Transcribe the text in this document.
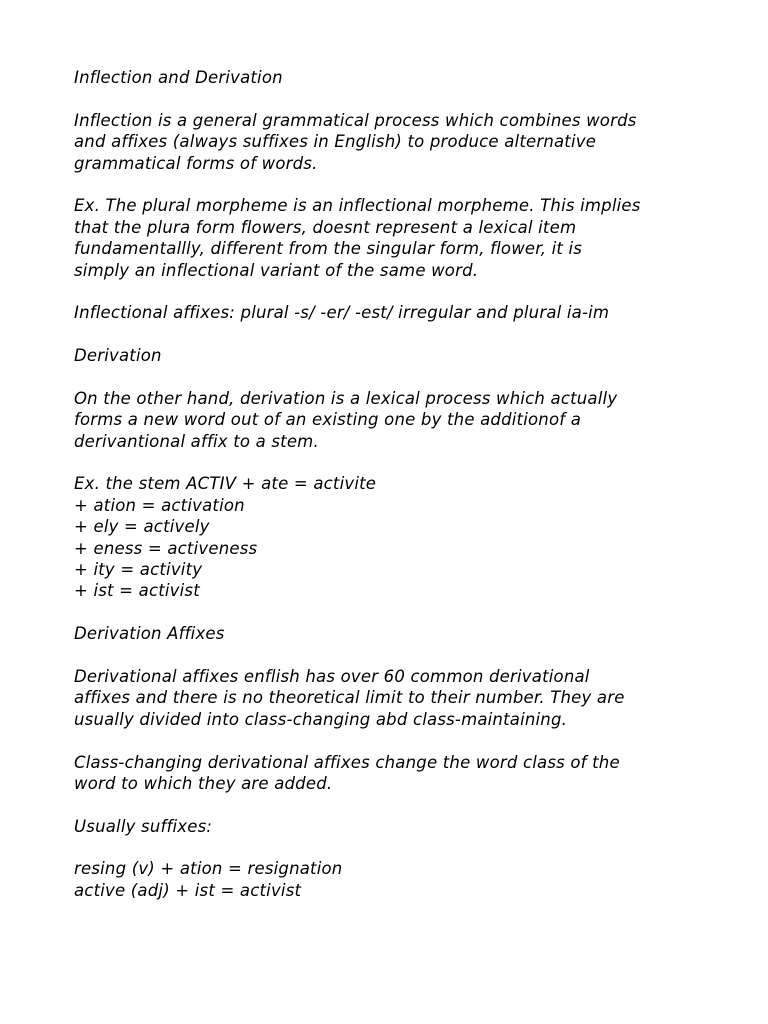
Inflection and Derivation
Inflection is a general grammatical process which combines words
and affixes (always suffixes in English) to produce alternative
grammatical forms of words.
Ex. The plural morpheme is an inflectional morpheme. This implies
that the plura form flowers, doesnt represent a lexical item
fundamentallly, different from the singular form, flower, it is
simply an inflectional variant of the same word.
Inflectional affixes: plural -s/ -er/ -est/ irregular and plural ia-im
Derivation
On the other hand, derivation is a lexical process which actually
forms a new word out of an existing one by the additionof a
derivantional affix to a stem.
Ex. the stem ACTIV + ate = activite
+ ation = activation
+ ely = actively
+ eness = activeness
+ ity = activity
+ ist = activist
Derivation Affixes
Derivational affixes enflish has over 60 common derivational
affixes and there is no theoretical limit to their number. They are
usually divided into class-changing abd class-maintaining.
Class-changing derivational affixes change the word class of the
word to which they are added.
Usually suffixes:
resing (v) + ation = resignation
active (adj) + ist = activist
